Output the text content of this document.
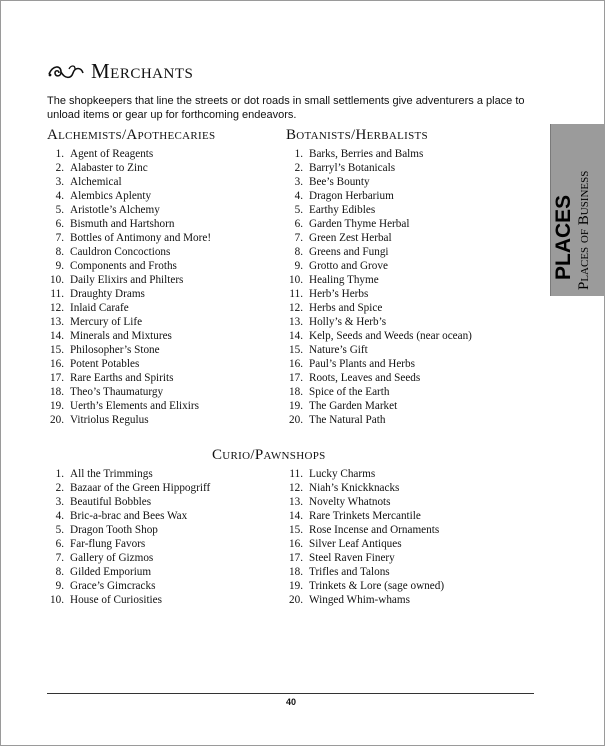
Merchants
The shopkeepers that line the streets or dot roads in small settlements give adventurers a place to unload items or gear up for forthcoming endeavors.
Alchemists/Apothecaries
1. Agent of Reagents
2. Alabaster to Zinc
3. Alchemical
4. Alembics Aplenty
5. Aristotle’s Alchemy
6. Bismuth and Hartshorn
7. Bottles of Antimony and More!
8. Cauldron Concoctions
9. Components and Froths
10. Daily Elixirs and Philters
11. Draughty Drams
12. Inlaid Carafe
13. Mercury of Life
14. Minerals and Mixtures
15. Philosopher’s Stone
16. Potent Potables
17. Rare Earths and Spirits
18. Theo’s Thaumaturgy
19. Uerth’s Elements and Elixirs
20. Vitriolus Regulus
Botanists/Herbalists
1. Barks, Berries and Balms
2. Barryl’s Botanicals
3. Bee’s Bounty
4. Dragon Herbarium
5. Earthy Edibles
6. Garden Thyme Herbal
7. Green Zest Herbal
8. Greens and Fungi
9. Grotto and Grove
10. Healing Thyme
11. Herb’s Herbs
12. Herbs and Spice
13. Holly’s & Herb’s
14. Kelp, Seeds and Weeds (near ocean)
15. Nature’s Gift
16. Paul’s Plants and Herbs
17. Roots, Leaves and Seeds
18. Spice of the Earth
19. The Garden Market
20. The Natural Path
Curio/Pawnshops
1. All the Trimmings
2. Bazaar of the Green Hippogriff
3. Beautiful Bobbles
4. Bric-a-brac and Bees Wax
5. Dragon Tooth Shop
6. Far-flung Favors
7. Gallery of Gizmos
8. Gilded Emporium
9. Grace’s Gimcracks
10. House of Curiosities
11. Lucky Charms
12. Niah’s Knickknacks
13. Novelty Whatnots
14. Rare Trinkets Mercantile
15. Rose Incense and Ornaments
16. Silver Leaf Antiques
17. Steel Raven Finery
18. Trifles and Talons
19. Trinkets & Lore (sage owned)
20. Winged Whim-whams
PLACES Places of Business
40
